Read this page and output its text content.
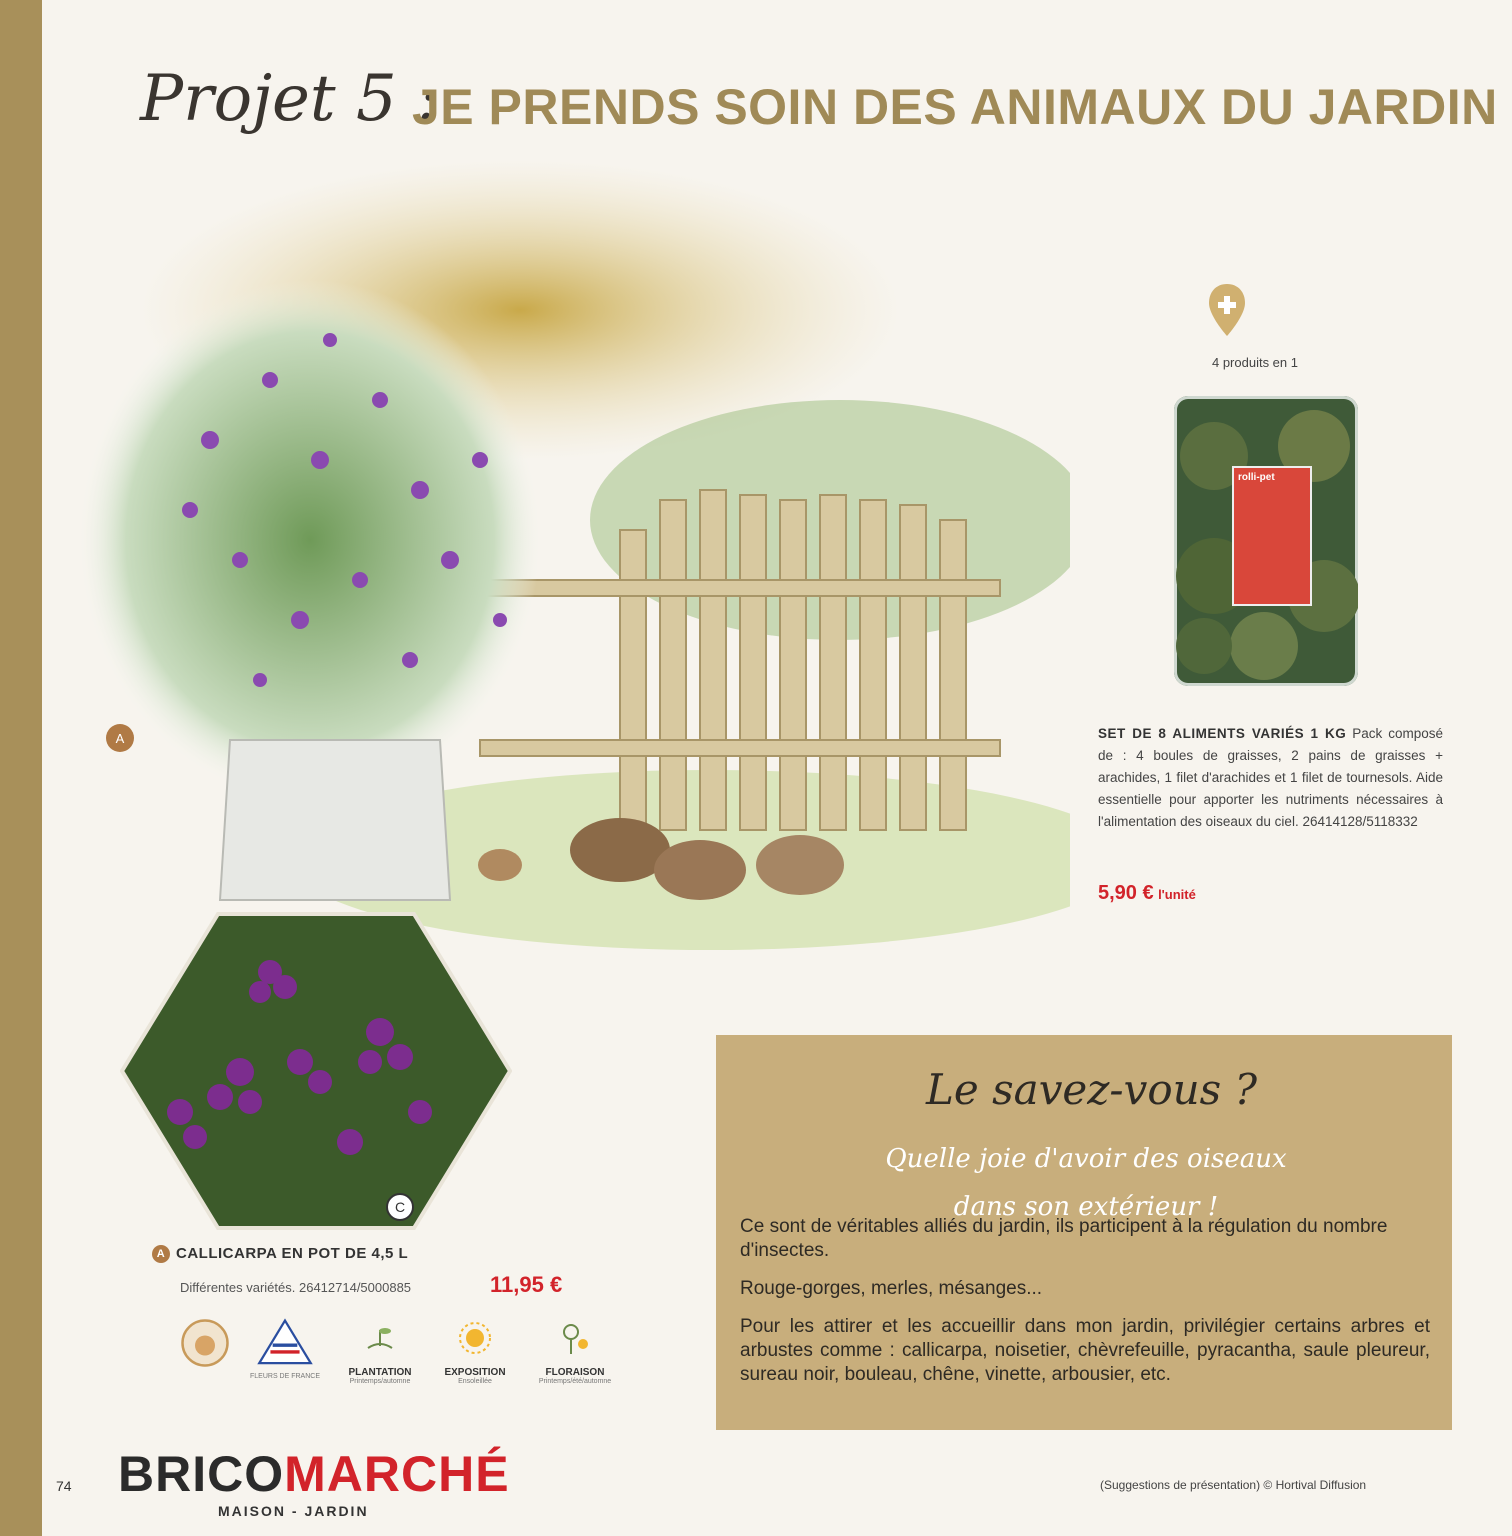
Projet 5 :
JE PRENDS SOIN DES ANIMAUX DU JARDIN
A
4 produits en 1
rolli-pet
SET DE 8 ALIMENTS VARIÉS 1 KG Pack composé de : 4 boules de graisses, 2 pains de graisses + arachides, 1 filet d'arachides et 1 filet de tournesols. Aide essentielle pour apporter les nutriments nécessaires à l'alimentation des oiseaux du ciel. 26414128/5118332
5,90 € l'unité
C
A CALLICARPA EN POT DE 4,5 L
Différentes variétés. 26412714/5000885	11,95 €
FLEURS DE FRANCE	PLANTATION
Printemps/automne
EXPOSITION
Ensoleillée
FLORAISON
Printemps/été/automne
Le savez-vous ?
Quelle joie d'avoir des oiseaux
dans son extérieur !

Ce sont de véritables alliés du jardin, ils participent à la régulation du nombre d'insectes.

Rouge-gorges, merles, mésanges...

Pour les attirer et les accueillir dans mon jardin, privilégier certains arbres et arbustes comme : callicarpa, noisetier, chèvrefeuille, pyracantha, saule pleureur, sureau noir, bouleau, chêne, vinette, arbousier, etc.

74 BRICOMARCHÉ
MAISON - JARDIN
(Suggestions de présentation) © Hortival Diffusion
